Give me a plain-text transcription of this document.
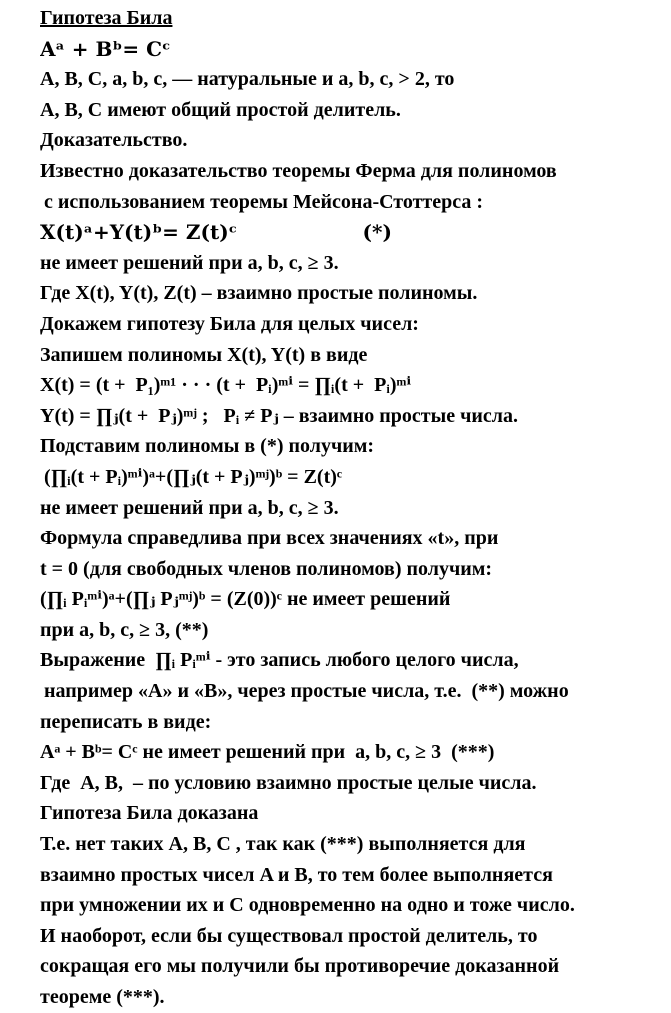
Гипотеза Била
Aᵃ + Bᵇ= Cᶜ
A, B, C, a, b, c, — натуральные и a, b, c, > 2, то
A, B, C имеют общий простой делитель.
Доказательство.
Известно доказательство теоремы Ферма для полиномов
с использованием теоремы Мейсона-Стоттерса :
X(t)ᵃ+Y(t)ᵇ= Z(t)ᶜ                  (*)
не имеет решений при a, b, c, ≥ 3.
Где X(t), Y(t), Z(t) – взаимно простые полиномы.
Докажем гипотезу Била для целых чисел:
Запишем полиномы X(t), Y(t) в виде
X(t) = (t +  P₁)ᵐ¹ · · · (t +  Pᵢ)ᵐⁱ = ∏ᵢ(t +  Pᵢ)ᵐⁱ
Y(t) = ∏ⱼ(t +  Pⱼ)ᵐʲ ;   Pᵢ ≠ Pⱼ – взаимно простые числа.
Подставим полиномы в (*) получим:
(∏ᵢ(t + Pᵢ)ᵐⁱ)ᵃ+(∏ⱼ(t + Pⱼ)ᵐʲ)ᵇ = Z(t)ᶜ
не имеет решений при a, b, c, ≥ 3.
Формула справедлива при всех значениях «t», при
t = 0 (для свободных членов полиномов) получим:
(∏ᵢ Pᵢᵐⁱ)ᵃ+(∏ⱼ Pⱼᵐʲ)ᵇ = (Z(0))ᶜ не имеет решений
при a, b, c, ≥ 3, (**)
Выражение  ∏ᵢ Pᵢᵐⁱ - это запись любого целого числа,
например «A» и «B», через простые числа, т.е.  (**) можно
переписать в виде:
Aᵃ + Bᵇ= Cᶜ не имеет решений при  a, b, c, ≥ 3  (***)
Где  A, B,  – по условию взаимно простые целые числа.
Гипотеза Била доказана
Т.е. нет таких A, B, C , так как (***) выполняется для
взаимно простых чисел A и B, то тем более выполняется
при умножении их и C одновременно на одно и тоже число.
И наоборот, если бы существовал простой делитель, то
сокращая его мы получили бы противоречие доказанной
теореме (***).
